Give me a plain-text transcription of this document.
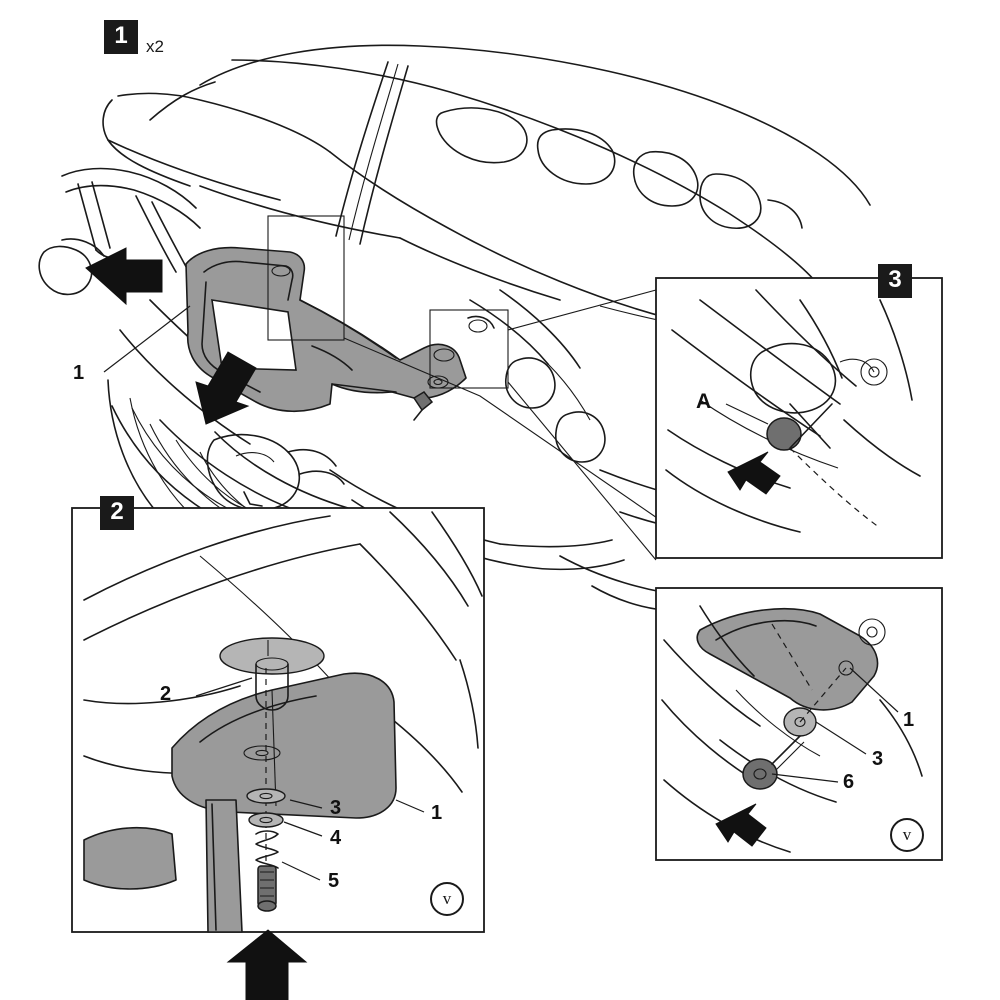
1 x2
1
3
A
2
2
3
4
5
1
v
1
3
6
v
